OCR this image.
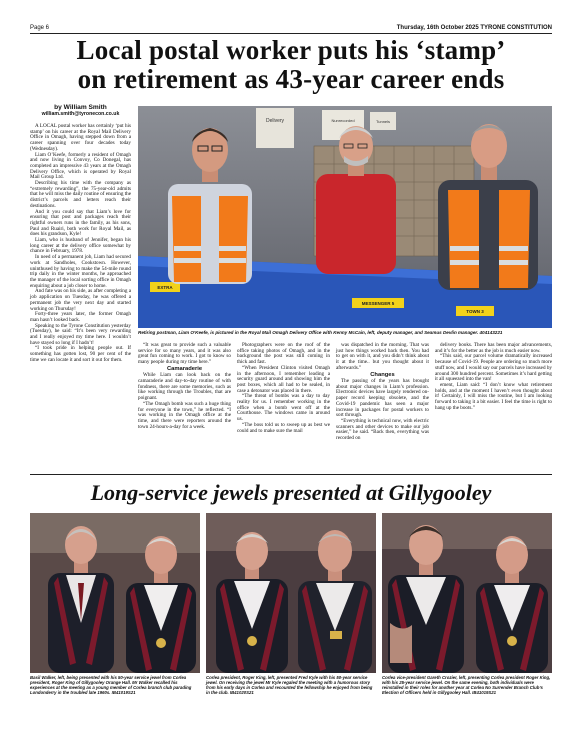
Page 6	Thursday, 16th October 2025 TYRONE CONSTITUTION
Local postal worker puts his ‘stamp’
on retirement as 43-year career ends
by William Smith
william.smith@tyronecon.co.uk

A LOCAL postal worker has certainly ‘put his stamp’ on his career at the Royal Mail Delivery Office in Omagh, having stepped down from a career spanning over four decades today (Wednesday).

Liam O’Keefe, formerly a resident of Omagh and now living in Convoy, Co Donegal, has completed an impressive 43 years at the Omagh Delivery Office, which is operated by Royal Mail Group Ltd.

Describing his time with the company as “extremely rewarding”, the 75-year-old admits that he will miss the daily routine of ensuring the district’s parcels and letters reach their destinations.

And it you could say that Liam’s love for ensuring that post and packages reach their rightful owners runs in the family, as his sons, Paul and Ruairi, both work for Royal Mail, as does his grandson, Kyle!

Liam, who is husband of Jennifer, began his long career at the delivery office somewhat by chance in February, 1978.

In need of a permanent job, Liam had secured work at Sandholes, Cookstown. However, uninthused by having to make the 54-mile round trip daily in the winter months, he approached the manager of the local sorting office in Omagh enquiring about a job closer to home.

And fate was on his side, as after completing a job application on Tuesday, he was offered a permanent job the very next day and started working on Thursday!

Forty-three years later, the former Omagh man hasn’t looked back.

Speaking to the Tyrone Constitution yesterday (Tuesday), he said: “It’s been very rewarding and I really enjoyed my time here. I wouldn’t have stayed so long if I hadn’t!

“I took pride in helping people out. If something has gotten lost, 90 per cent of the time we can locate it and sort it out for them.

Delivery	Nunrecorded	Tunnels
EXTRA
MESSENGER 5
TOWN 3
Retiring postman, Liam O’Keefe, is pictured in the Royal Mail Omagh Delivery Office with Kenny McCain, left, deputy manager, and Seamus Devlin manager. 404143221

“It was great to provide such a valuable service for so many years, and it was also great fun coming to work. I got to know so many people during my time here.”

Camaraderie

While Liam can look back on the camaraderie and day-to-day routine of with fondness, there are some memories, such as like working through the Troubles, that are poignant.

“The Omagh bomb was such a huge thing for everyone in the town,” he reflected. “I was working in the Omagh office at the time, and there were reporters around the town 24-hours-a-day for a week.

Photographers were on the roof of the office taking photos of Omagh, and in the background the post was still coming in thick and fast.

“When President Clinton visited Omagh in the afternoon, I remember leading a security guard around and showing him the post boxes, which all had to be sealed, in case a detonator was placed in there.

“The threat of bombs was a day to day reality for us. I remember working in the office when a bomb went off at the Courthouse. The windows came in around us.

“The boss told us to sweep up as best we could and to make sure the mail

was dispatched in the morning. That was just how things worked back then. You had to get on with it, and you didn’t think about it at the time.. but you thought about it afterwards.”

Changes

The passing of the years has brought about major changes in Liam’s profession. Electronic devices have largely rendered on-paper record keeping obsolete, and the Covid-19 pandemic has seen a major increase in packages for postal workers to sort through.

“Everything is technical now, with electric scanners and other devices to make our job easier,” he said. “Back then, everything was recorded on

delivery books. There has been major advancements, and it’s for the better as the job is much easier now.

“This said, our parcel volume dramatically increased because of Covid-19. People are ordering so much more stuff now, and I would say our parcels have increased by around 300 hundred percent. Sometimes it’s hard getting it all squeezed into the van!

ement, Liam said: “I don’t know what retirement holds, and at the moment I haven’t even thought about it! Certainly, I will miss the routine, but I am looking forward to taking it a bit easier. I feel the time is right to hang up the boots.”

Long-service jewels presented at Gillygooley
Basil Walker, left, being presented with his 50-year service jewel from Corlea president, Roger King of Gillygooley Orange Hall. Mr Walker recalled his experiences at the meeting as a young member of Corlea branch club parading Londonderry in the troubled late 1960s. IB41019S21
Corlea president, Roger King, left, presented Fred Kyle with his 50-year service jewel. On receiving the jewel Mr Kyle regaled the meeting with a humorous story from his early days in Corlea and recounted the fellowship he enjoyed from being in the club. IB41020S21
Corlea vice-president Gareth Crozier, left, presenting Corlea president Roger King, with his 25-year service jewel. On the same evening, both individuals were reinstalled in their roles for another year at Corlea No Surrender Branch Club’s Election of Officers held in Gillygooley Hall. IB41019S21
